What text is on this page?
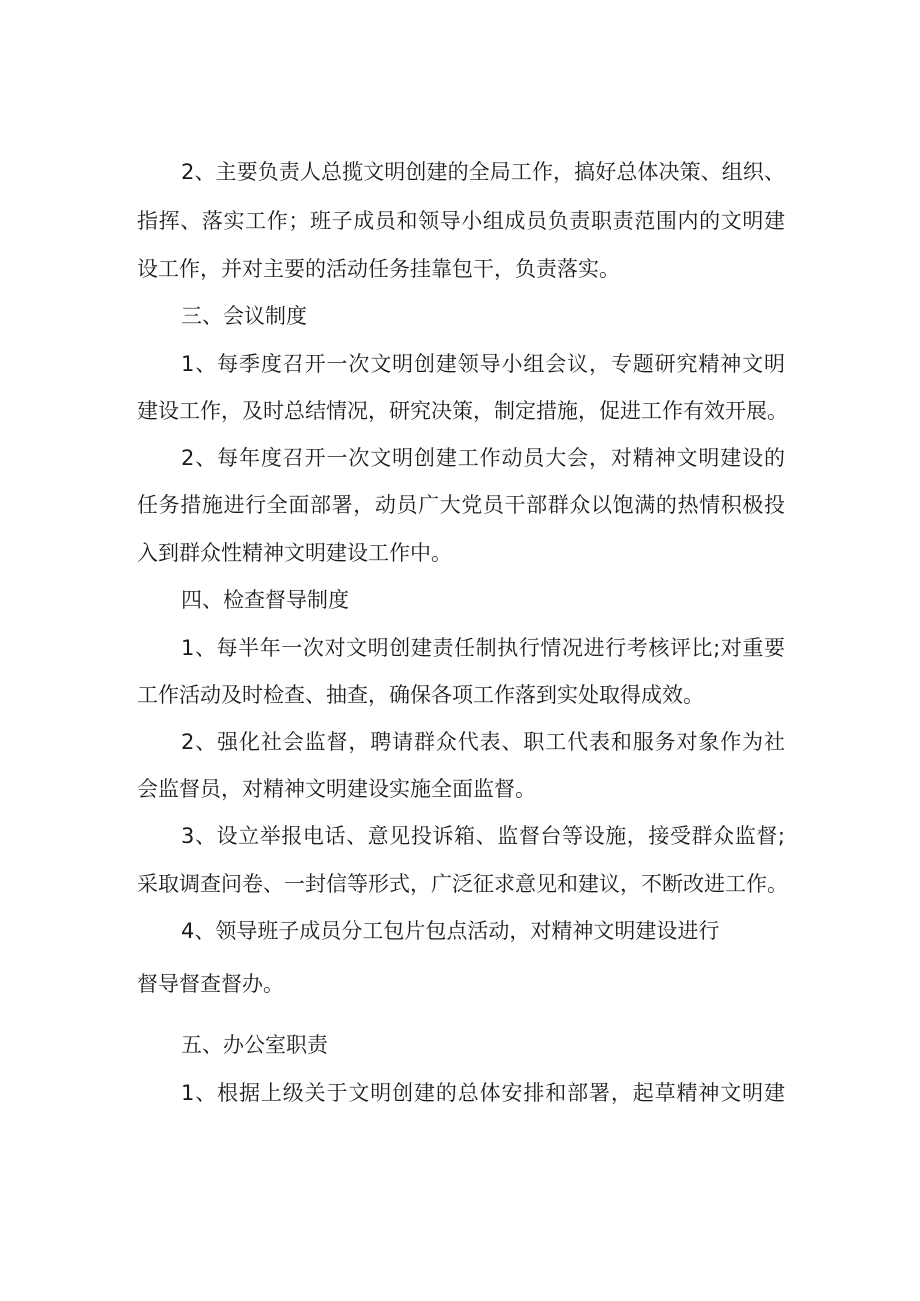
2、主要负责人总揽文明创建的全局工作，搞好总体决策、组织、

指挥、落实工作；班子成员和领导小组成员负责职责范围内的文明建

设工作，并对主要的活动任务挂靠包干，负责落实。

三、会议制度

1、每季度召开一次文明创建领导小组会议，专题研究精神文明

建设工作，及时总结情况，研究决策，制定措施，促进工作有效开展。

2、每年度召开一次文明创建工作动员大会，对精神文明建设的

任务措施进行全面部署，动员广大党员干部群众以饱满的热情积极投

入到群众性精神文明建设工作中。

四、检查督导制度

1、每半年一次对文明创建责任制执行情况进行考核评比;对重要

工作活动及时检查、抽查，确保各项工作落到实处取得成效。

2、强化社会监督，聘请群众代表、职工代表和服务对象作为社

会监督员，对精神文明建设实施全面监督。

3、设立举报电话、意见投诉箱、监督台等设施，接受群众监督;

采取调查问卷、一封信等形式，广泛征求意见和建议，不断改进工作。

4、领导班子成员分工包片包点活动，对精神文明建设进行

督导督查督办。

五、办公室职责

1、根据上级关于文明创建的总体安排和部署，起草精神文明建
